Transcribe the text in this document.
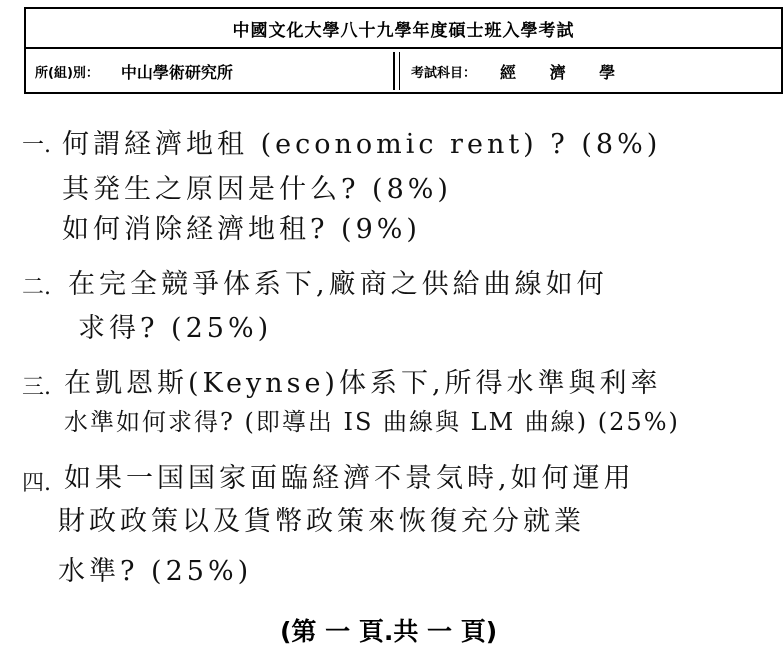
中國文化大學八十九學年度碩士班入學考試
所(組)別： 中山學術研究所	考試科目： 經 濟 學
一. 何謂経濟地租 (economic rent) ? (8%)
其発生之原因是什么? (8%)
如何消除経濟地租? (9%)
二. 在完全競爭体系下,廠商之供給曲線如何
求得? (25%)
三. 在凱恩斯(Keynse)体系下,所得水準與利率
水準如何求得? (即導出 IS 曲線與 LM 曲線) (25%)
四. 如果一国国家面臨経濟不景気時,如何運用
財政政策以及貨幣政策來恢復充分就業
水準? (25%)
(第 一 頁.共 一 頁)
